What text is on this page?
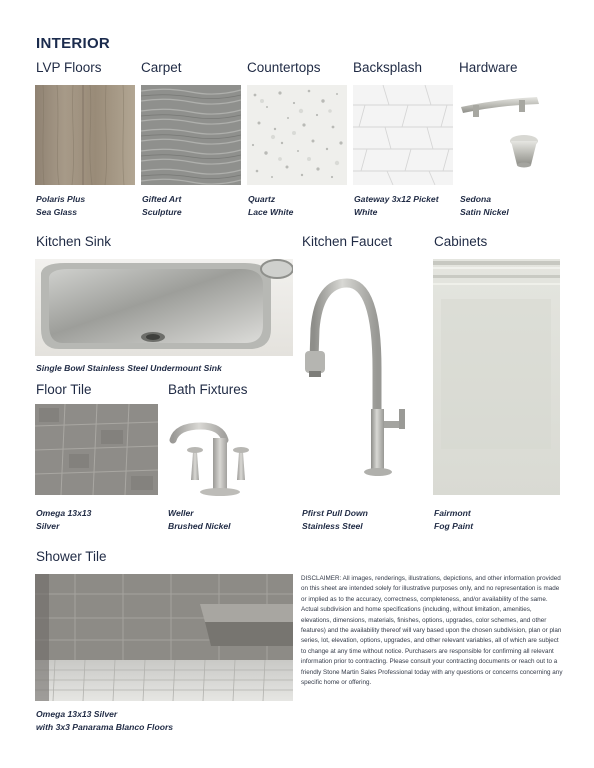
INTERIOR
LVP Floors	Carpet	Countertops Backsplash	Hardware
Polaris Plus
Sea Glass
Gifted Art
Sculpture
Quartz
Lace White
Gateway 3x12 Picket
White
Sedona
Satin Nickel
Kitchen Sink	Kitchen Faucet	Cabinets
Single Bowl Stainless Steel Undermount Sink
Pfirst Pull Down
Stainless Steel
Fairmont
Fog Paint
Floor Tile	Bath Fixtures
Omega 13x13
Silver
Weller
Brushed Nickel
Shower Tile
Omega 13x13 Silver
with 3x3 Panarama Blanco Floors
DISCLAIMER: All images, renderings, illustrations, depictions, and other information provided on this sheet are intended solely for illustrative purposes only, and no representation is made or implied as to the accuracy, correctness, completeness, and/or availability of the same. Actual subdivision and home specifications (including, without limitation, amenities, elevations, dimensions, materials, finishes, options, upgrades, color schemes, and other features) and the availability thereof will vary based upon the chosen subdivision, plan or plan series, lot, elevation, options, upgrades, and other relevant variables, all of which are subject to change at any time without notice. Purchasers are responsible for confirming all relevant information prior to contracting. Please consult your contracting documents or reach out to a friendly Stone Martin Sales Professional today with any questions or concerns concerning any specific home or offering.
